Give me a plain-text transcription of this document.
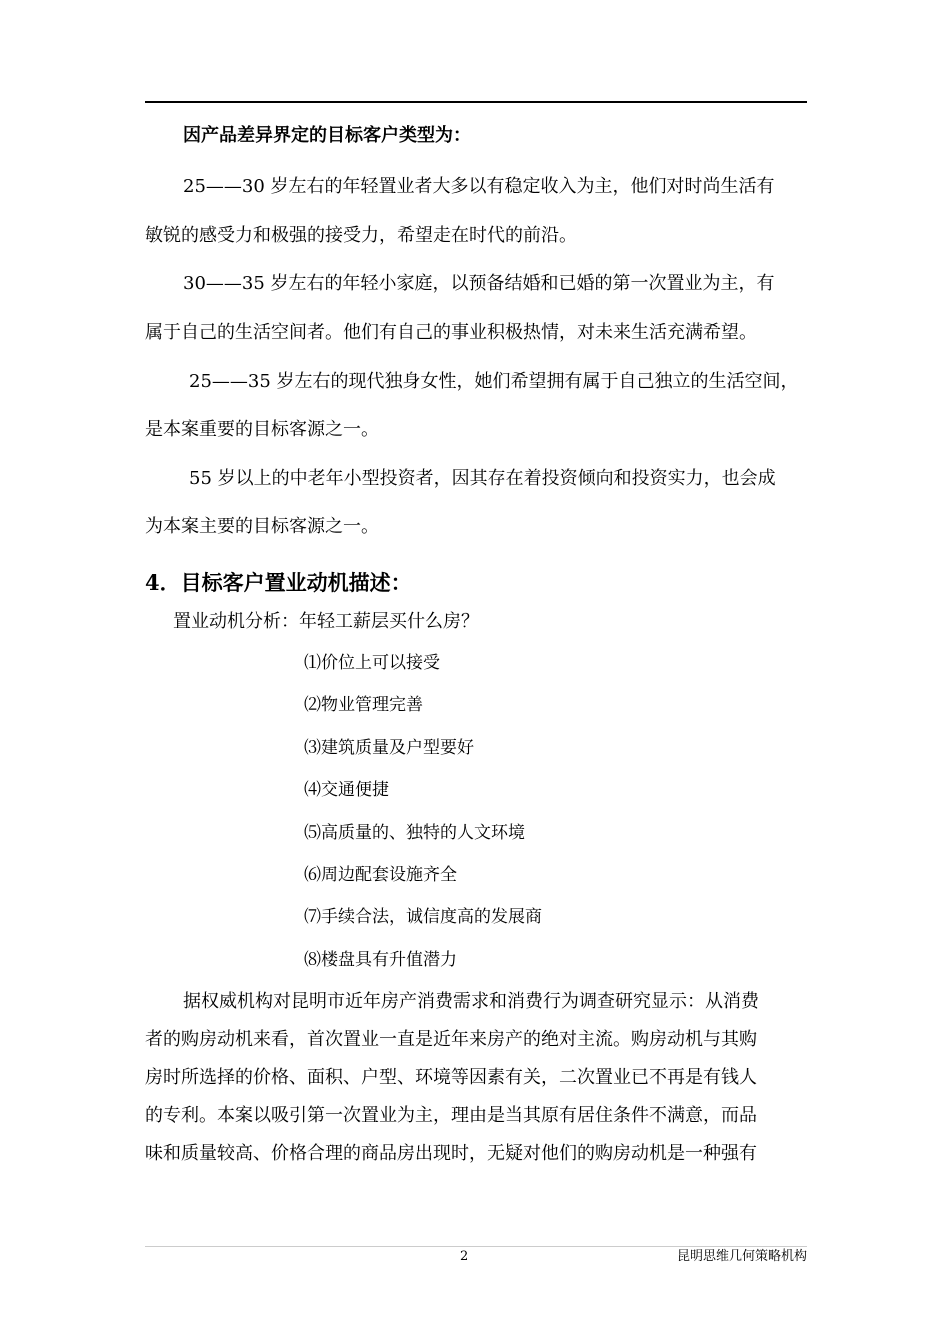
因产品差异界定的目标客户类型为：
25——30 岁左右的年轻置业者大多以有稳定收入为主，他们对时尚生活有
敏锐的感受力和极强的接受力，希望走在时代的前沿。
30——35 岁左右的年轻小家庭，以预备结婚和已婚的第一次置业为主，有
属于自己的生活空间者。他们有自己的事业积极热情，对未来生活充满希望。
25——35 岁左右的现代独身女性，她们希望拥有属于自己独立的生活空间，
是本案重要的目标客源之一。
55 岁以上的中老年小型投资者，因其存在着投资倾向和投资实力，也会成
为本案主要的目标客源之一。
4．目标客户置业动机描述：
置业动机分析：年轻工薪层买什么房？
⑴价位上可以接受
⑵物业管理完善
⑶建筑质量及户型要好
⑷交通便捷
⑸高质量的、独特的人文环境
⑹周边配套设施齐全
⑺手续合法，诚信度高的发展商
⑻楼盘具有升值潜力
据权威机构对昆明市近年房产消费需求和消费行为调查研究显示：从消费
者的购房动机来看，首次置业一直是近年来房产的绝对主流。购房动机与其购
房时所选择的价格、面积、户型、环境等因素有关，二次置业已不再是有钱人
的专利。本案以吸引第一次置业为主，理由是当其原有居住条件不满意，而品
味和质量较高、价格合理的商品房出现时，无疑对他们的购房动机是一种强有
2	昆明思维几何策略机构
